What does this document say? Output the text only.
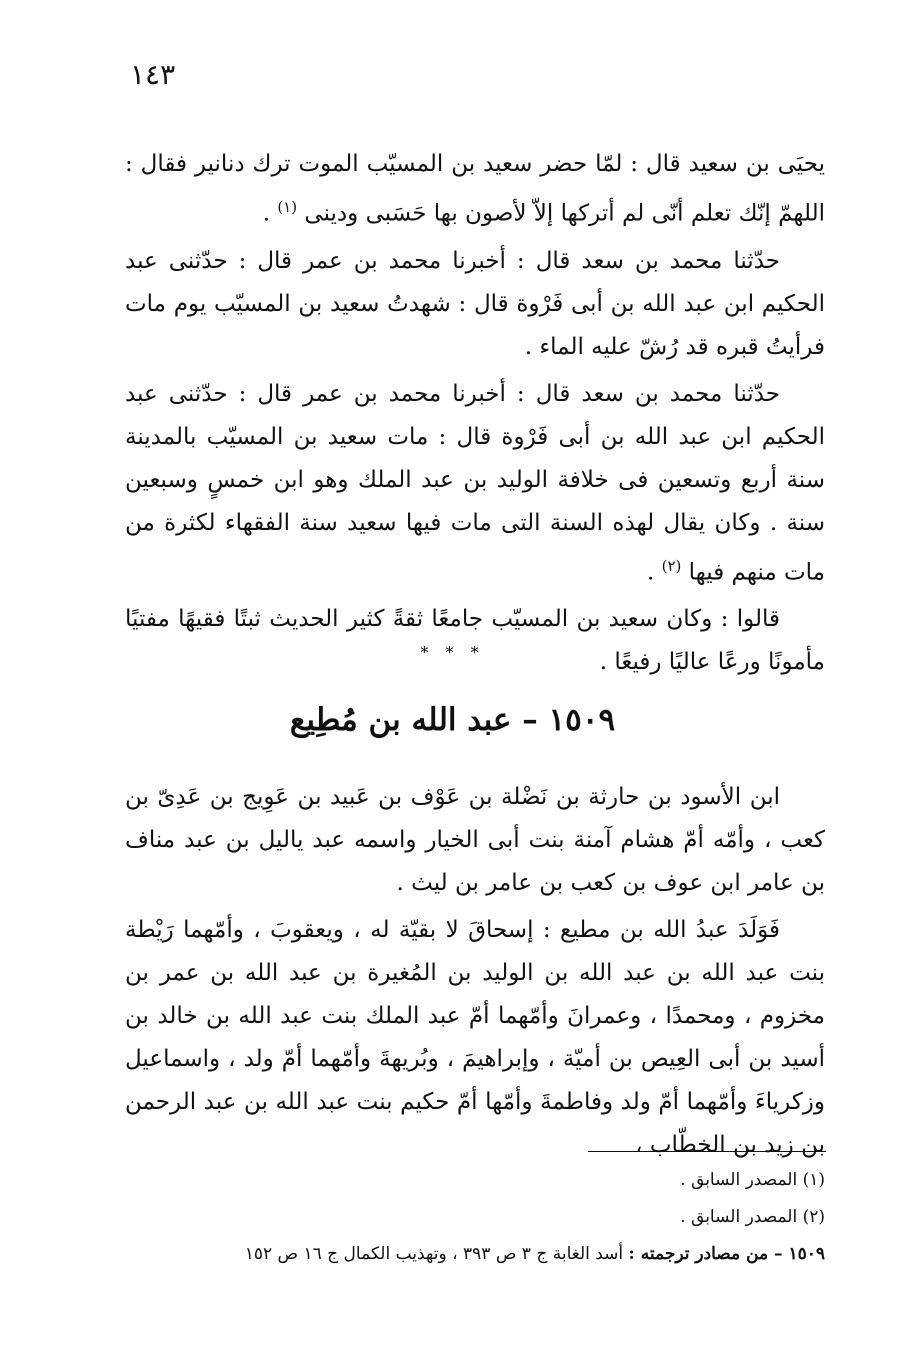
١٤٣

يحيَى بن سعيد قال : لمّا حضر سعيد بن المسيّب الموت ترك دنانير فقال : اللهمّ إنّك تعلم أنّى لم أتركها إلاّ لأصون بها حَسَبى ودينى $^{(١)}$ .

حدّثنا محمد بن سعد قال : أخبرنا محمد بن عمر قال : حدّثنى عبد الحكيم ابن عبد الله بن أبى فَرْوة قال : شهدتُ سعيد بن المسيّب يوم مات فرأيتُ قبره قد رُشّ عليه الماء .

حدّثنا محمد بن سعد قال : أخبرنا محمد بن عمر قال : حدّثنى عبد الحكيم ابن عبد الله بن أبى فَرْوة قال : مات سعيد بن المسيّب بالمدينة سنة أربع وتسعين فى خلافة الوليد بن عبد الملك وهو ابن خمسٍ وسبعين سنة . وكان يقال لهذه السنة التى مات فيها سعيد سنة الفقهاء لكثرة من مات منهم فيها $^{(٢)}$ .

قالوا : وكان سعيد بن المسيّب جامعًا ثقةً كثير الحديث ثبتًا فقيهًا مفتيًا مأمونًا ورعًا عاليًا رفيعًا .

* * *
١٥٠٩ – عبد الله بن مُطِيع

ابن الأسود بن حارثة بن نَضْلة بن عَوْف بن عَبيد بن عَوِيج بن عَدِىّ بن كعب ، وأمّه أمّ هشام آمنة بنت أبى الخيار واسمه عبد ياليل بن عبد مناف بن عامر ابن عوف بن كعب بن عامر بن ليث .

فَوَلَدَ عبدُ الله بن مطيع : إسحاقَ لا بقيّة له ، ويعقوبَ ، وأمّهما رَيْطة بنت عبد الله بن عبد الله بن الوليد بن المُغيرة بن عبد الله بن عمر بن مخزوم ، ومحمدًا ، وعمرانَ وأمّهما أمّ عبد الملك بنت عبد الله بن خالد بن أسيد بن أبى العِيص بن أميّة ، وإبراهيمَ ، وبُريهةَ وأمّهما أمّ ولد ، واسماعيل وزكرياءَ وأمّهما أمّ ولد وفاطمةَ وأمّها أمّ حكيم بنت عبد الله بن عبد الرحمن بن زيد بن الخطّاب ،

(١) المصدر السابق .
(٢) المصدر السابق .
١٥٠٩ – من مصادر ترجمته : أسد الغابة ج ٣ ص ٣٩٣ ، وتهذيب الكمال ج ١٦ ص ١٥٢
